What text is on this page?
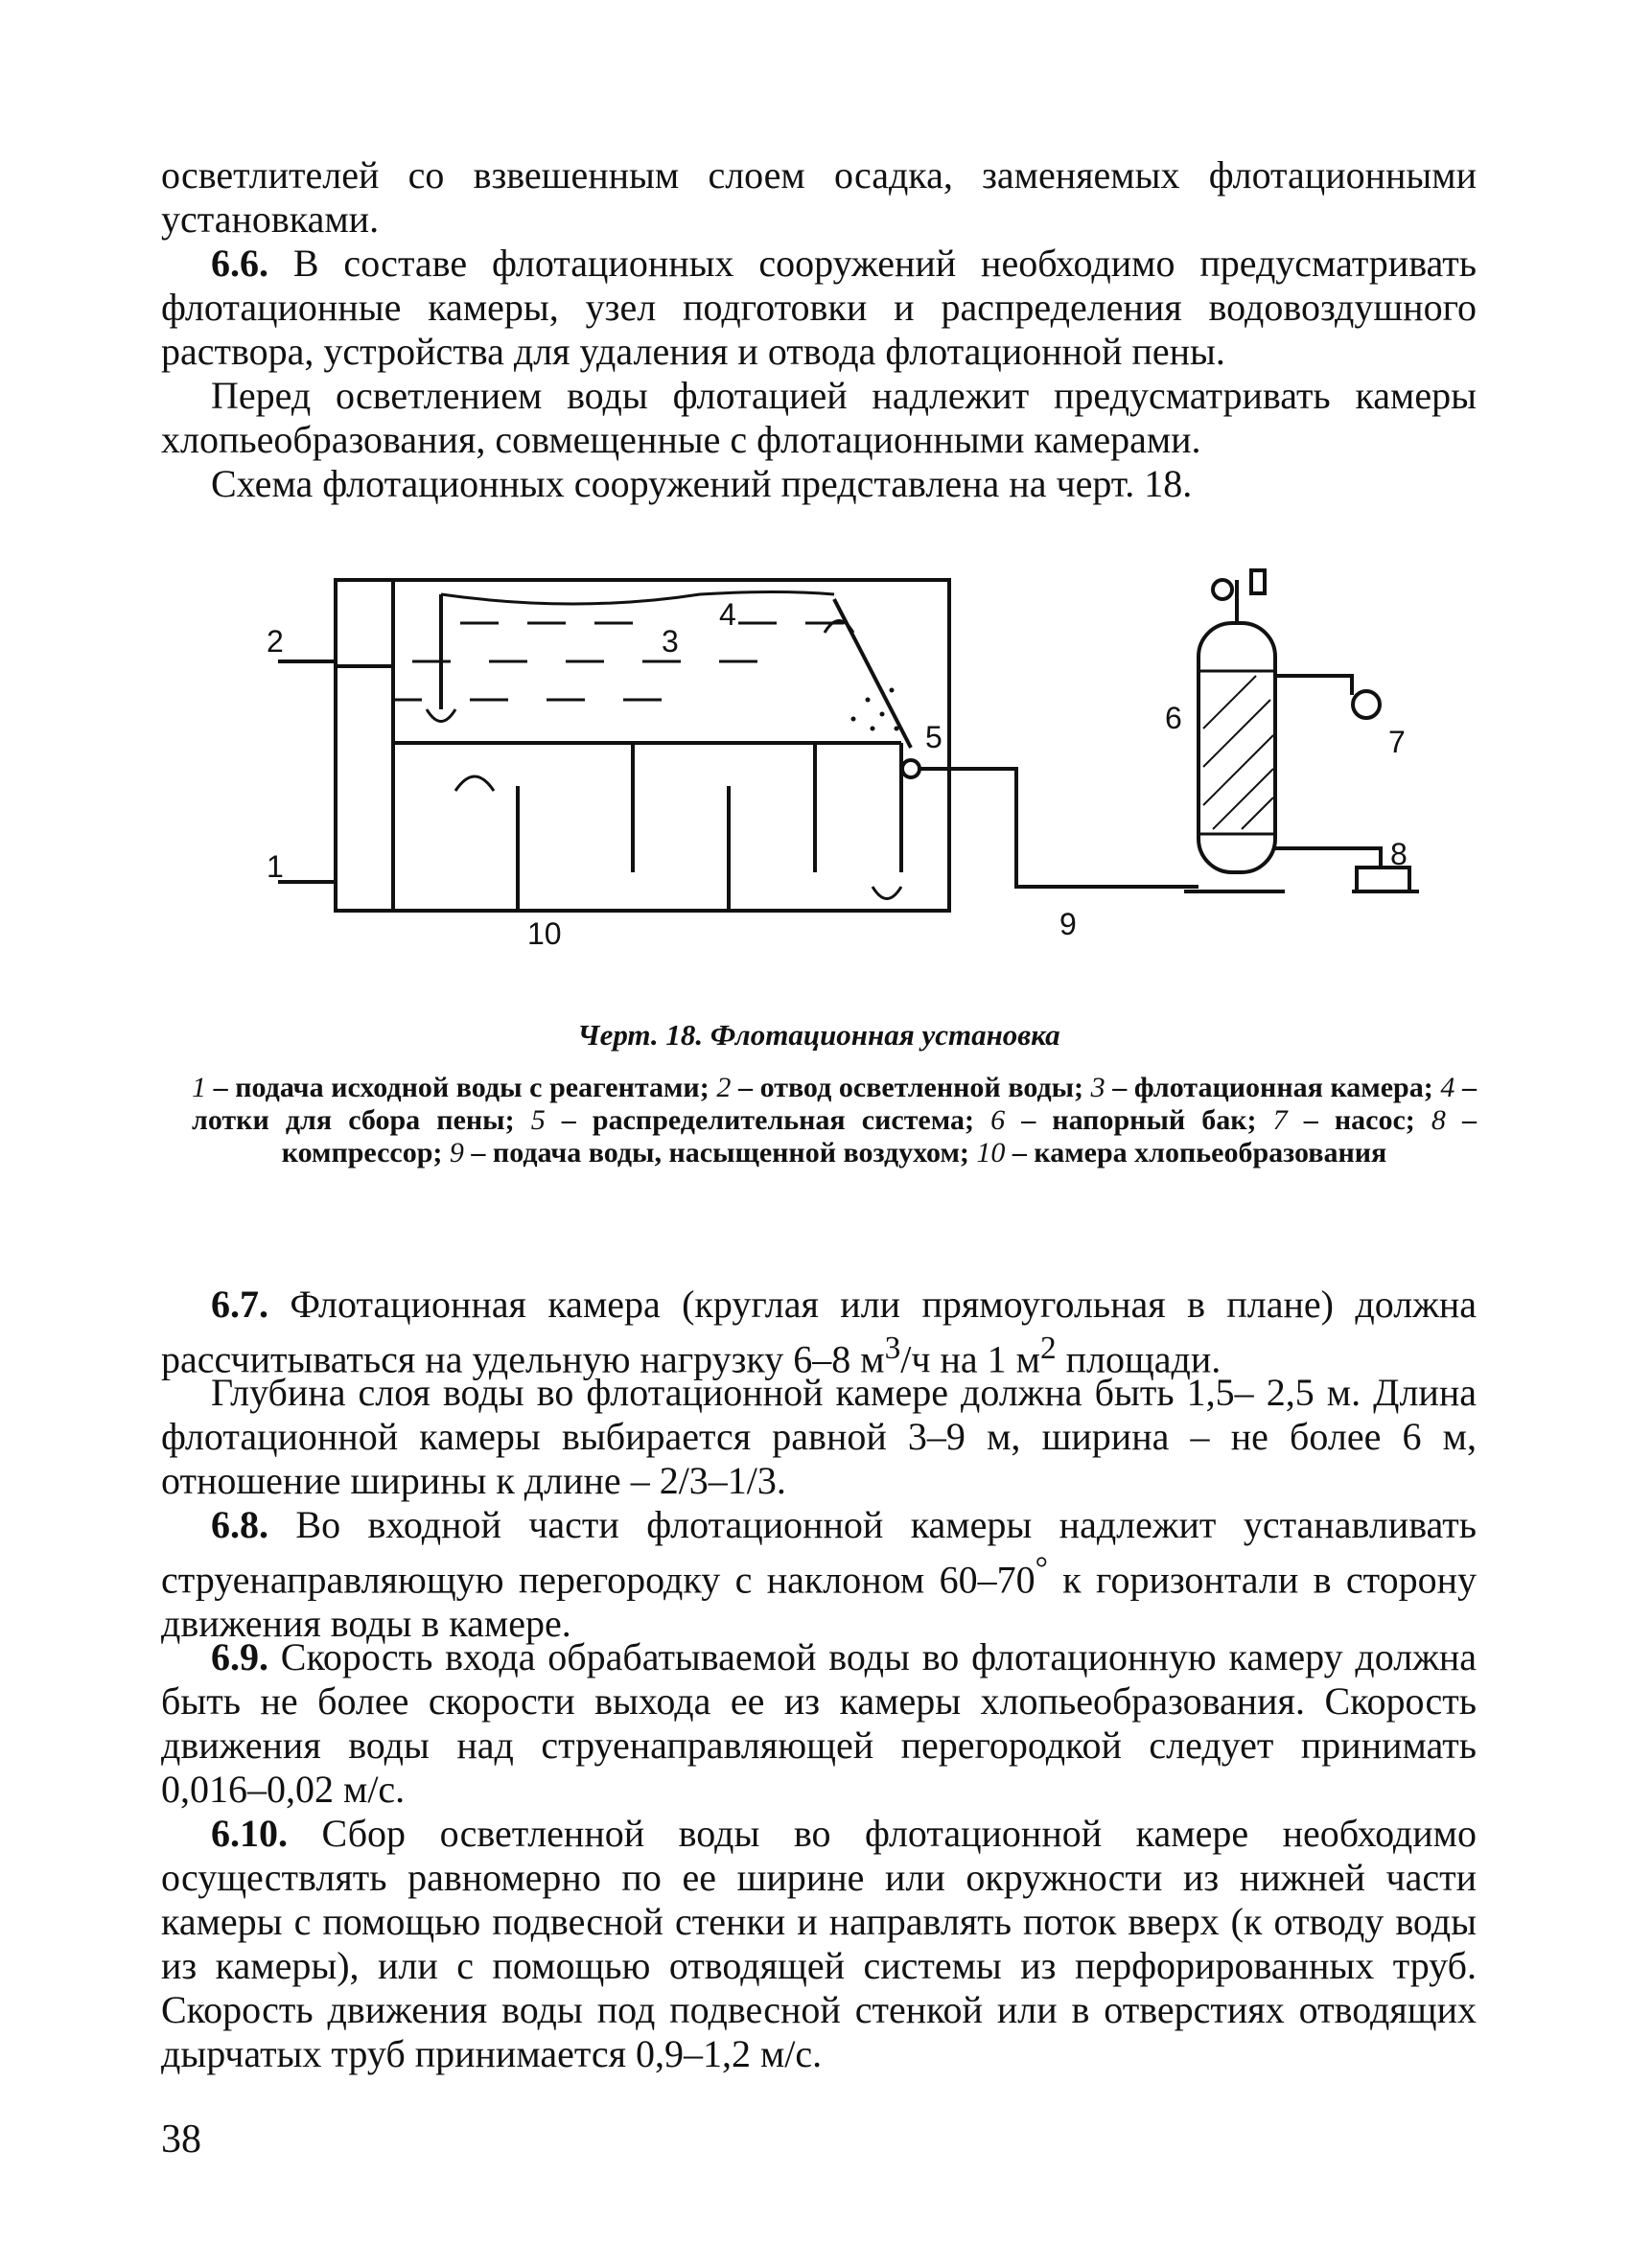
осветлителей со взвешенным слоем осадка, заменяемых флотационными установками.

6.6. В составе флотационных сооружений необходимо предусматривать флотационные камеры, узел подготовки и распределения водовоздушного раствора, устройства для удаления и отвода флотационной пены.

Перед осветлением воды флотацией надлежит предусматривать камеры хлопьеобразования, совмещенные с флотационными камерами.

Схема флотационных сооружений представлена на черт. 18.

1
2	3
4
5
6
7
8
9
10
Черт. 18. Флотационная установка
1 – подача исходной воды с реагентами; 2 – отвод осветленной воды; 3 – флотационная камера; 4 – лотки для сбора пены; 5 – распределительная система; 6 – напорный бак; 7 – насос; 8 – компрессор; 9 – подача воды, насыщенной воздухом; 10 – камера хлопьеобразования

6.7. Флотационная камера (круглая или прямоугольная в плане) должна рассчитываться на удельную нагрузку 6–8 $м^3/ч$ на 1 $м^2$ площади.

Глубина слоя воды во флотационной камере должна быть 1,5– 2,5 м. Длина флотационной камеры выбирается равной 3–9 м, ширина – не более 6 м, отношение ширины к длине – 2/3–1/3.

6.8. Во входной части флотационной камеры надлежит устанавливать струенаправляющую перегородку с наклоном 60–70° к горизонтали в сторону движения воды в камере.

6.9. Скорость входа обрабатываемой воды во флотационную камеру должна быть не более скорости выхода ее из камеры хлопьеобразования. Скорость движения воды над струенаправляющей перегородкой следует принимать 0,016–0,02 м/с.

6.10. Сбор осветленной воды во флотационной камере необходимо осуществлять равномерно по ее ширине или окружности из нижней части камеры с помощью подвесной стенки и направлять поток вверх (к отводу воды из камеры), или с помощью отводящей системы из перфорированных труб. Скорость движения воды под подвесной стенкой или в отверстиях отводящих дырчатых труб принимается 0,9–1,2 м/с.

38
